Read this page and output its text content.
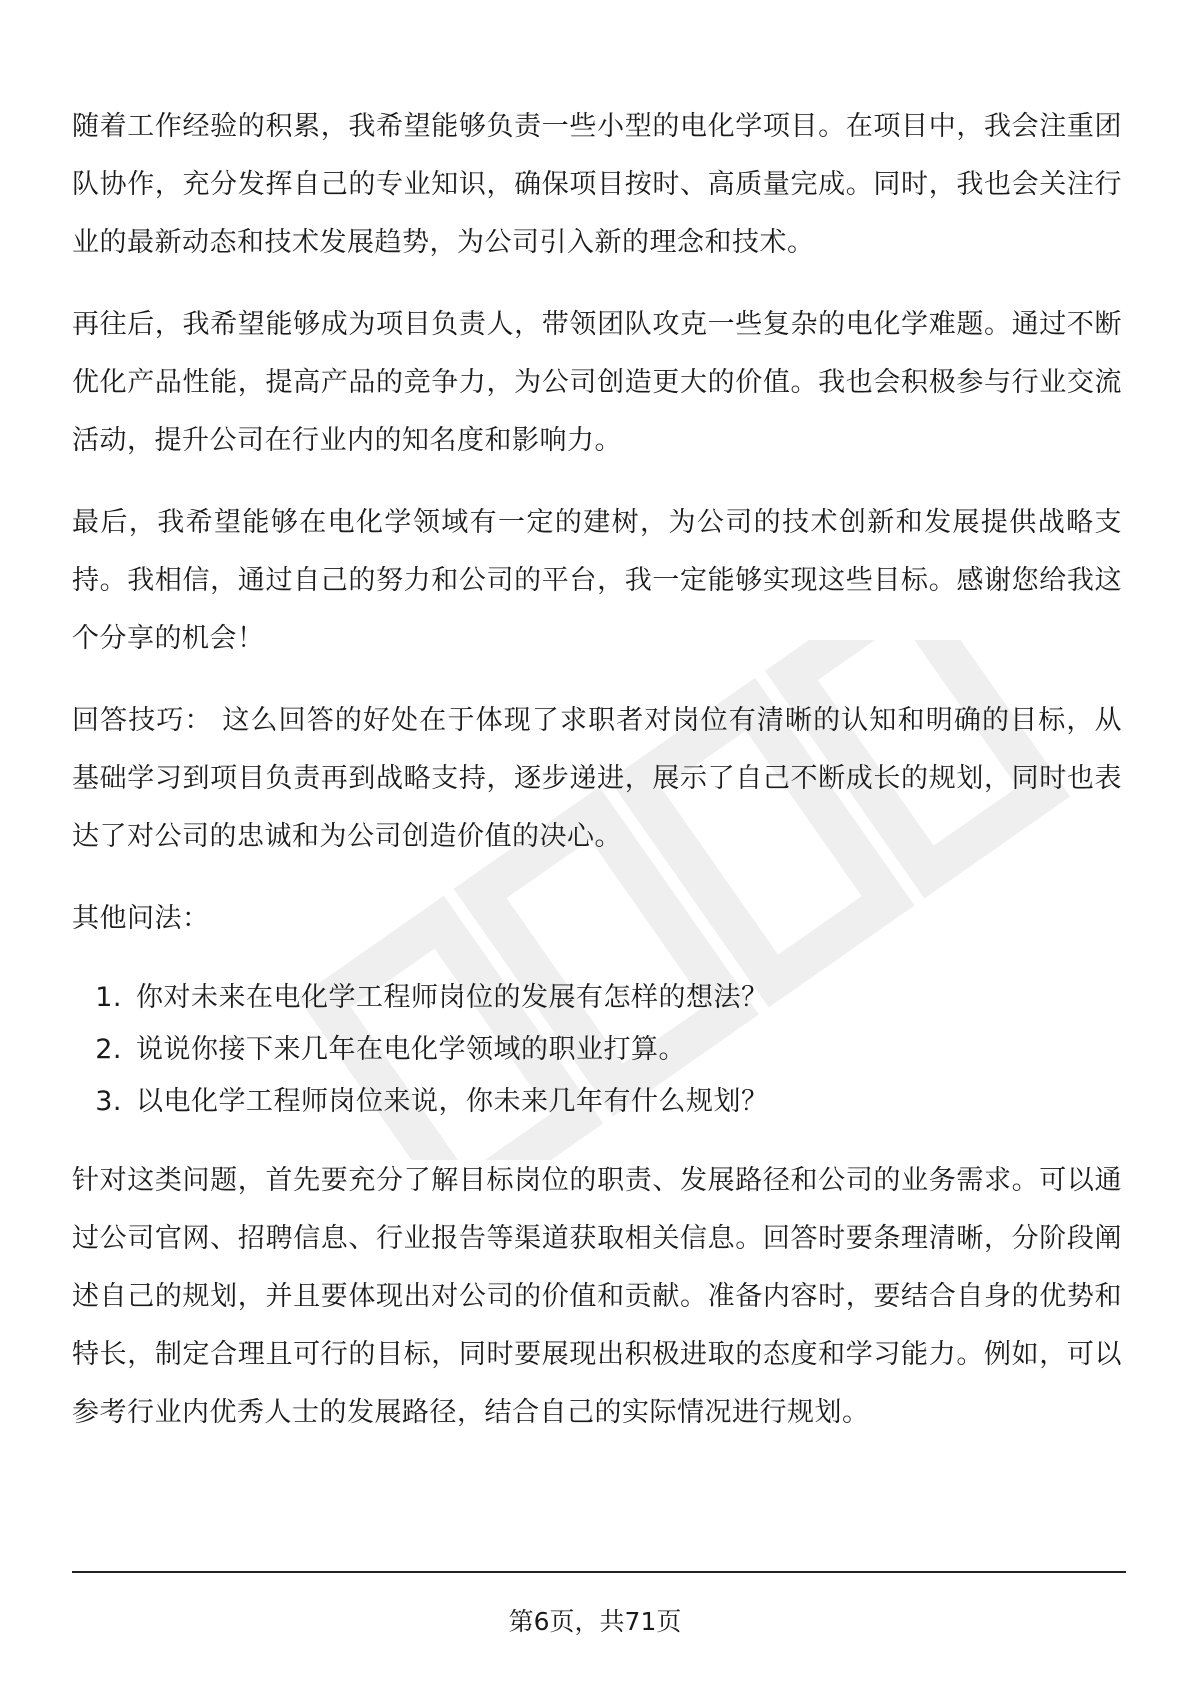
随着工作经验的积累，我希望能够负责一些小型的电化学项目。在项目中，我会注重团队协作，充分发挥自己的专业知识，确保项目按时、高质量完成。同时，我也会关注行业的最新动态和技术发展趋势，为公司引入新的理念和技术。

再往后，我希望能够成为项目负责人，带领团队攻克一些复杂的电化学难题。通过不断优化产品性能，提高产品的竞争力，为公司创造更大的价值。我也会积极参与行业交流活动，提升公司在行业内的知名度和影响力。

最后，我希望能够在电化学领域有一定的建树，为公司的技术创新和发展提供战略支持。我相信，通过自己的努力和公司的平台，我一定能够实现这些目标。感谢您给我这个分享的机会！

回答技巧： 这么回答的好处在于体现了求职者对岗位有清晰的认知和明确的目标，从基础学习到项目负责再到战略支持，逐步递进，展示了自己不断成长的规划，同时也表达了对公司的忠诚和为公司创造价值的决心。

其他问法：

1. 你对未来在电化学工程师岗位的发展有怎样的想法？
2. 说说你接下来几年在电化学领域的职业打算。
3. 以电化学工程师岗位来说，你未来几年有什么规划？

针对这类问题，首先要充分了解目标岗位的职责、发展路径和公司的业务需求。可以通过公司官网、招聘信息、行业报告等渠道获取相关信息。回答时要条理清晰，分阶段阐述自己的规划，并且要体现出对公司的价值和贡献。准备内容时，要结合自身的优势和特长，制定合理且可行的目标，同时要展现出积极进取的态度和学习能力。例如，可以参考行业内优秀人士的发展路径，结合自己的实际情况进行规划。

第6页，共71页
